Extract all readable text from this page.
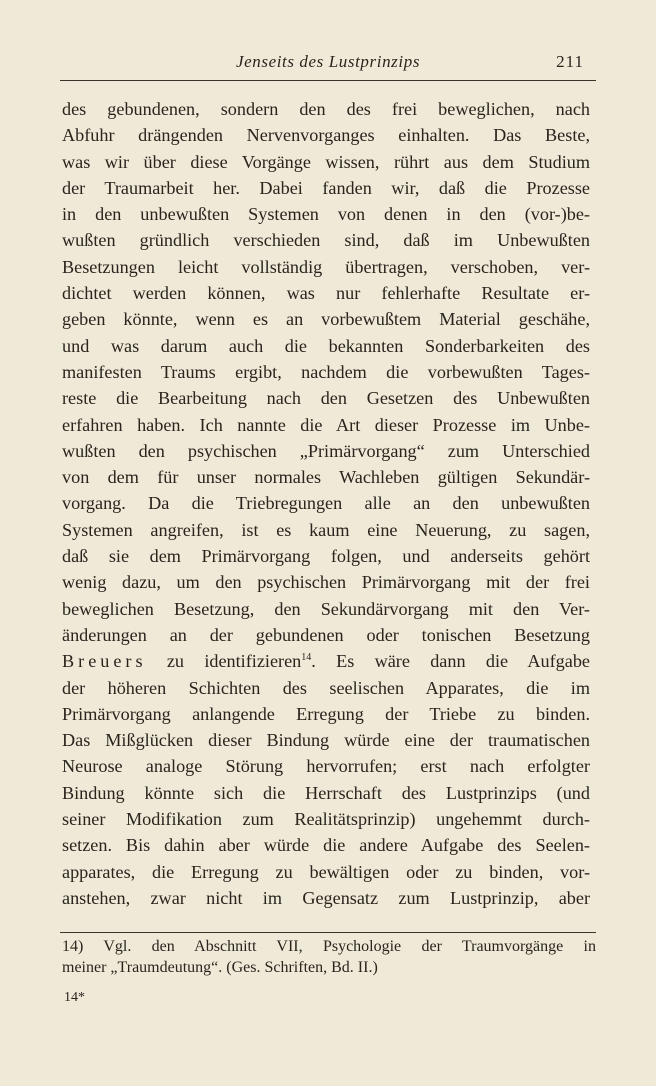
Jenseits des Lustprinzips	211
des gebundenen, sondern den des frei beweglichen, nach
Abfuhr drängenden Nervenvorganges einhalten. Das Beste,
was wir über diese Vorgänge wissen, rührt aus dem Studium
der Traumarbeit her. Dabei fanden wir, daß die Prozesse
in den unbewußten Systemen von denen in den (vor-)be-
wußten gründlich verschieden sind, daß im Unbewußten
Besetzungen leicht vollständig übertragen, verschoben, ver-
dichtet werden können, was nur fehlerhafte Resultate er-
geben könnte, wenn es an vorbewußtem Material geschähe,
und was darum auch die bekannten Sonderbarkeiten des
manifesten Traums ergibt, nachdem die vorbewußten Tages-
reste die Bearbeitung nach den Gesetzen des Unbewußten
erfahren haben. Ich nannte die Art dieser Prozesse im Unbe-
wußten den psychischen „Primärvorgang“ zum Unterschied
von dem für unser normales Wachleben gültigen Sekundär-
vorgang. Da die Triebregungen alle an den unbewußten
Systemen angreifen, ist es kaum eine Neuerung, zu sagen,
daß sie dem Primärvorgang folgen, und anderseits gehört
wenig dazu, um den psychischen Primärvorgang mit der frei
beweglichen Besetzung, den Sekundärvorgang mit den Ver-
änderungen an der gebundenen oder tonischen Besetzung
Breuers zu identifizieren$^{14}$. Es wäre dann die Aufgabe
der höheren Schichten des seelischen Apparates, die im
Primärvorgang anlangende Erregung der Triebe zu binden.
Das Mißglücken dieser Bindung würde eine der traumatischen
Neurose analoge Störung hervorrufen; erst nach erfolgter
Bindung könnte sich die Herrschaft des Lustprinzips (und
seiner Modifikation zum Realitätsprinzip) ungehemmt durch-
setzen. Bis dahin aber würde die andere Aufgabe des Seelen-
apparates, die Erregung zu bewältigen oder zu binden, vor-
anstehen, zwar nicht im Gegensatz zum Lustprinzip, aber
14) Vgl. den Abschnitt VII, Psychologie der Traumvorgänge in
meiner „Traumdeutung“. (Ges. Schriften, Bd. II.)
14*
